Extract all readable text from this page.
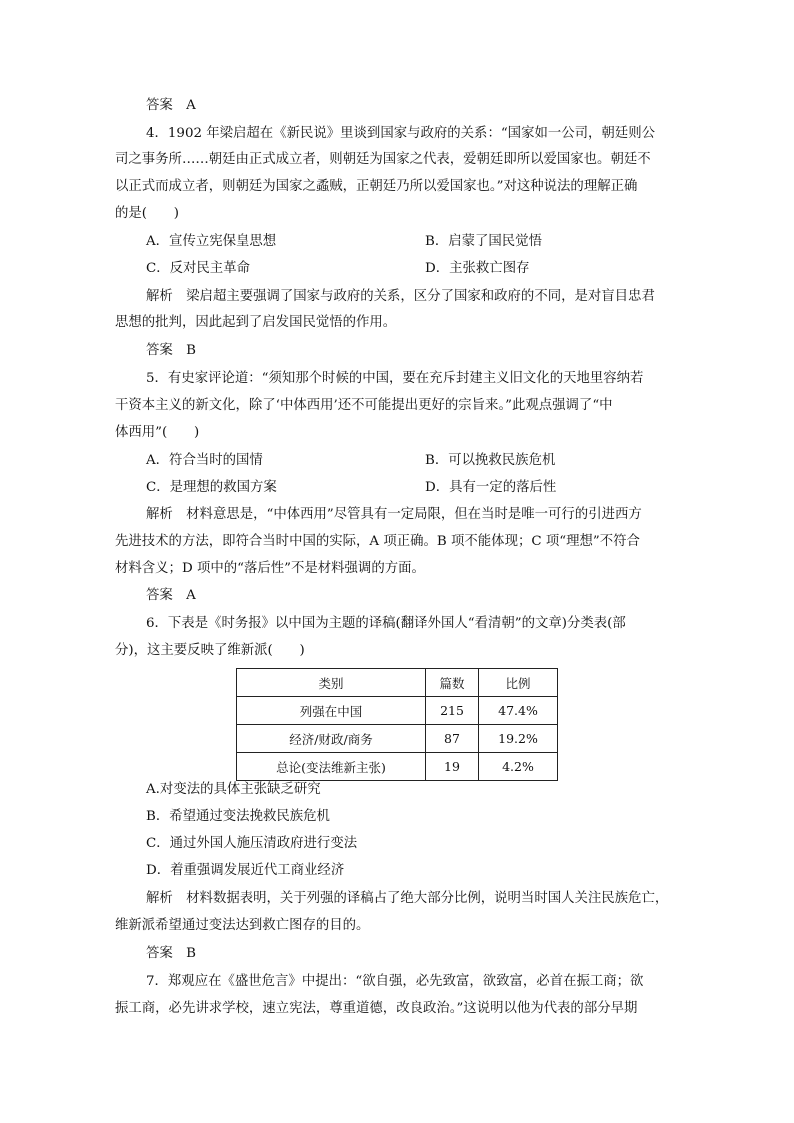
答案　A
4．1902 年梁启超在《新民说》里谈到国家与政府的关系：“国家如一公司，朝廷则公
司之事务所……朝廷由正式成立者，则朝廷为国家之代表，爱朝廷即所以爱国家也。朝廷不
以正式而成立者，则朝廷为国家之蟊贼，正朝廷乃所以爱国家也。”对这种说法的理解正确
的是(　　)
A．宣传立宪保皇思想	B．启蒙了国民觉悟
C．反对民主革命	D．主张救亡图存
解析　梁启超主要强调了国家与政府的关系，区分了国家和政府的不同，是对盲目忠君
思想的批判，因此起到了启发国民觉悟的作用。
答案　B
5．有史家评论道：“须知那个时候的中国，要在充斥封建主义旧文化的天地里容纳若
干资本主义的新文化，除了‘中体西用’还不可能提出更好的宗旨来。”此观点强调了“中
体西用”(　　)
A．符合当时的国情	B．可以挽救民族危机
C．是理想的救国方案	D．具有一定的落后性
解析　材料意思是，“中体西用”尽管具有一定局限，但在当时是唯一可行的引进西方
先进技术的方法，即符合当时中国的实际，A 项正确。B 项不能体现；C 项“理想”不符合
材料含义；D 项中的“落后性”不是材料强调的方面。
答案　A
6．下表是《时务报》以中国为主题的译稿(翻译外国人“看清朝”的文章)分类表(部
分)，这主要反映了维新派(　　)
类别	篇数	比例
列强在中国	215	47.4%
经济/财政/商务	87	19.2%
总论(变法维新主张)	19	4.2%
A.对变法的具体主张缺乏研究
B．希望通过变法挽救民族危机
C．通过外国人施压清政府进行变法
D．着重强调发展近代工商业经济
解析　材料数据表明，关于列强的译稿占了绝大部分比例，说明当时国人关注民族危亡，
维新派希望通过变法达到救亡图存的目的。
答案　B
7．郑观应在《盛世危言》中提出：“欲自强，必先致富，欲致富，必首在振工商；欲
振工商，必先讲求学校，速立宪法，尊重道德，改良政治。”这说明以他为代表的部分早期
